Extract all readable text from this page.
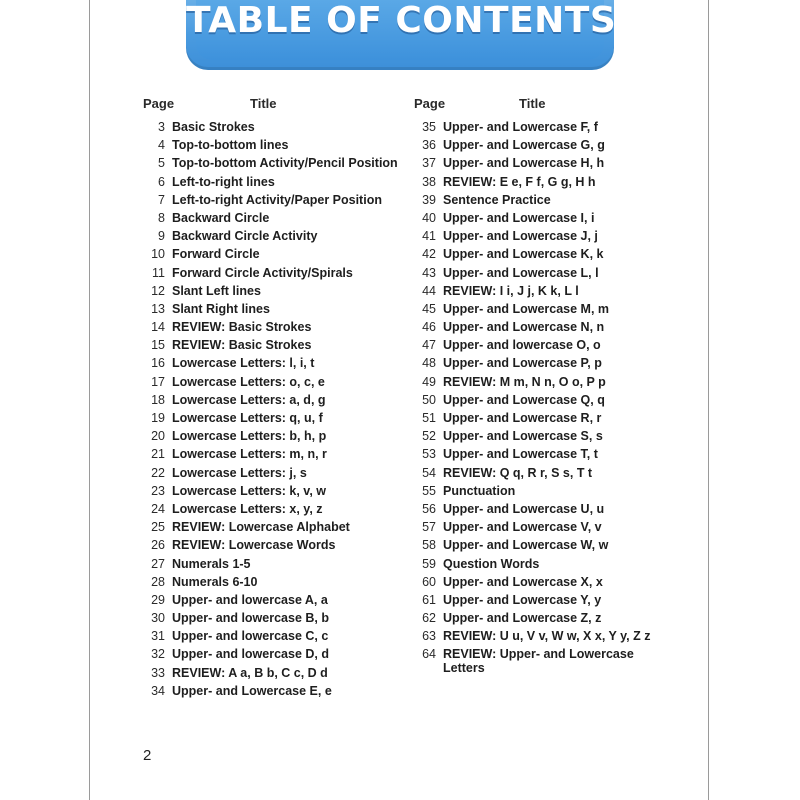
TABLE OF CONTENTS
Page	Title
3 Basic Strokes
4 Top-to-bottom lines
5 Top-to-bottom Activity/Pencil Position
6 Left-to-right lines
7 Left-to-right Activity/Paper Position
8 Backward Circle
9 Backward Circle Activity
10 Forward Circle
11 Forward Circle Activity/Spirals
12 Slant Left lines
13 Slant Right lines
14 REVIEW: Basic Strokes
15 REVIEW: Basic Strokes
16 Lowercase Letters: l, i, t
17 Lowercase Letters: o, c, e
18 Lowercase Letters: a, d, g
19 Lowercase Letters: q, u, f
20 Lowercase Letters: b, h, p
21 Lowercase Letters: m, n, r
22 Lowercase Letters: j, s
23 Lowercase Letters: k, v, w
24 Lowercase Letters: x, y, z
25 REVIEW: Lowercase Alphabet
26 REVIEW: Lowercase Words
27 Numerals 1-5
28 Numerals 6-10
29 Upper- and lowercase A, a
30 Upper- and lowercase B, b
31 Upper- and lowercase C, c
32 Upper- and lowercase D, d
33 REVIEW: A a, B b, C c, D d
34 Upper- and Lowercase E, e
Page	Title
35 Upper- and Lowercase F, f
36 Upper- and Lowercase G, g
37 Upper- and Lowercase H, h
38 REVIEW: E e, F f, G g, H h
39 Sentence Practice
40 Upper- and Lowercase I, i
41 Upper- and Lowercase J, j
42 Upper- and Lowercase K, k
43 Upper- and Lowercase L, l
44 REVIEW: I i, J j, K k, L l
45 Upper- and Lowercase M, m
46 Upper- and Lowercase N, n
47 Upper- and lowercase O, o
48 Upper- and Lowercase P, p
49 REVIEW: M m, N n, O o, P p
50 Upper- and Lowercase Q, q
51 Upper- and Lowercase R, r
52 Upper- and Lowercase S, s
53 Upper- and Lowercase T, t
54 REVIEW: Q q, R r, S s, T t
55 Punctuation
56 Upper- and Lowercase U, u
57 Upper- and Lowercase V, v
58 Upper- and Lowercase W, w
59 Question Words
60 Upper- and Lowercase X, x
61 Upper- and Lowercase Y, y
62 Upper- and Lowercase Z, z
63 REVIEW: U u, V v, W w, X x, Y y, Z z
64 REVIEW: Upper- and Lowercase Letters
2
